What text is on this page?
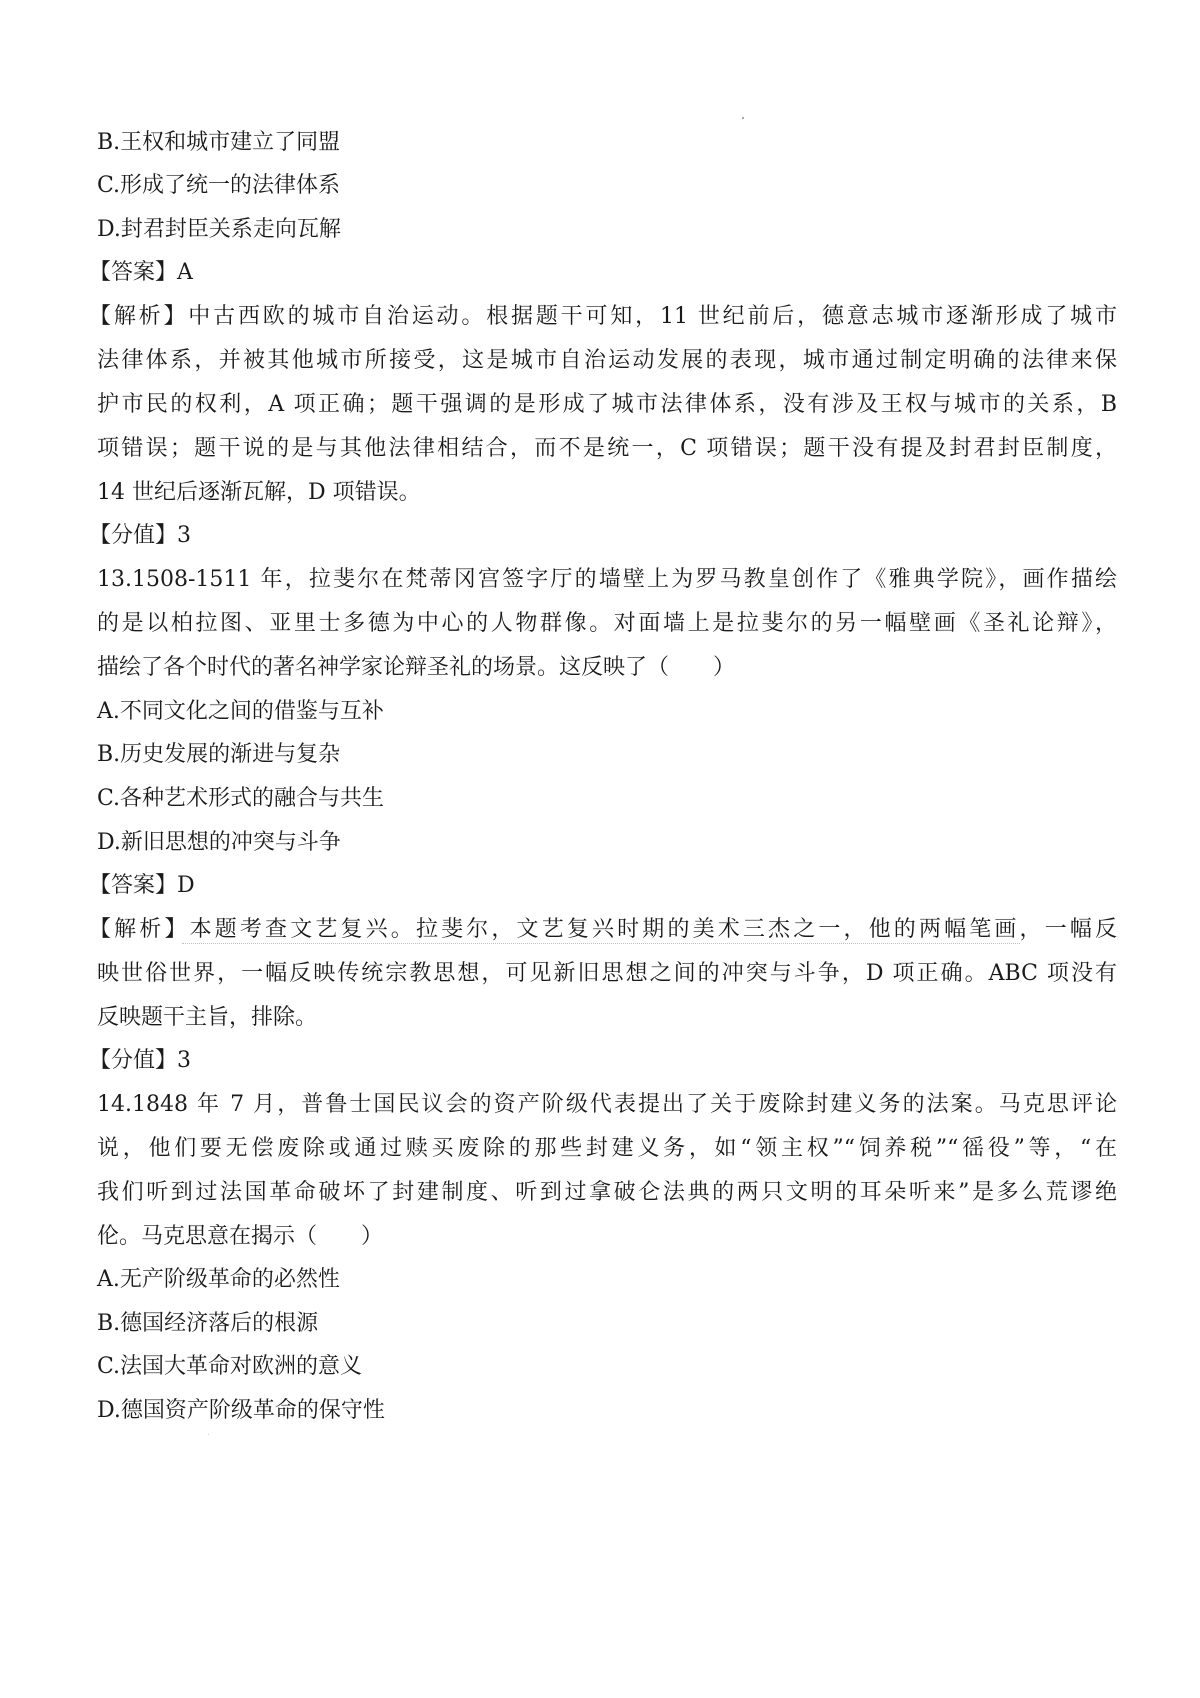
B.王权和城市建立了同盟
C.形成了统一的法律体系
D.封君封臣关系走向瓦解
【答案】A
【解析】中古西欧的城市自治运动。根据题干可知，11 世纪前后，德意志城市逐渐形成了城市
法律体系，并被其他城市所接受，这是城市自治运动发展的表现，城市通过制定明确的法律来保
护市民的权利，A 项正确；题干强调的是形成了城市法律体系，没有涉及王权与城市的关系，B
项错误；题干说的是与其他法律相结合，而不是统一，C 项错误；题干没有提及封君封臣制度，
14 世纪后逐渐瓦解，D 项错误。
【分值】3
13.1508-1511 年，拉斐尔在梵蒂冈宫签字厅的墙壁上为罗马教皇创作了《雅典学院》，画作描绘
的是以柏拉图、亚里士多德为中心的人物群像。对面墙上是拉斐尔的另一幅壁画《圣礼论辩》，
描绘了各个时代的著名神学家论辩圣礼的场景。这反映了（　　）
A.不同文化之间的借鉴与互补
B.历史发展的渐进与复杂
C.各种艺术形式的融合与共生
D.新旧思想的冲突与斗争
【答案】D
【解析】本题考查文艺复兴。拉斐尔，文艺复兴时期的美术三杰之一，他的两幅笔画，一幅反
映世俗世界，一幅反映传统宗教思想，可见新旧思想之间的冲突与斗争，D 项正确。ABC 项没有
反映题干主旨，排除。
【分值】3
14.1848 年 7 月，普鲁士国民议会的资产阶级代表提出了关于废除封建义务的法案。马克思评论
说，他们要无偿废除或通过赎买废除的那些封建义务，如“领主权”“饲养税”“徭役”等，“在
我们听到过法国革命破坏了封建制度、听到过拿破仑法典的两只文明的耳朵听来”是多么荒谬绝
伦。马克思意在揭示（　　）
A.无产阶级革命的必然性
B.德国经济落后的根源
C.法国大革命对欧洲的意义
D.德国资产阶级革命的保守性
